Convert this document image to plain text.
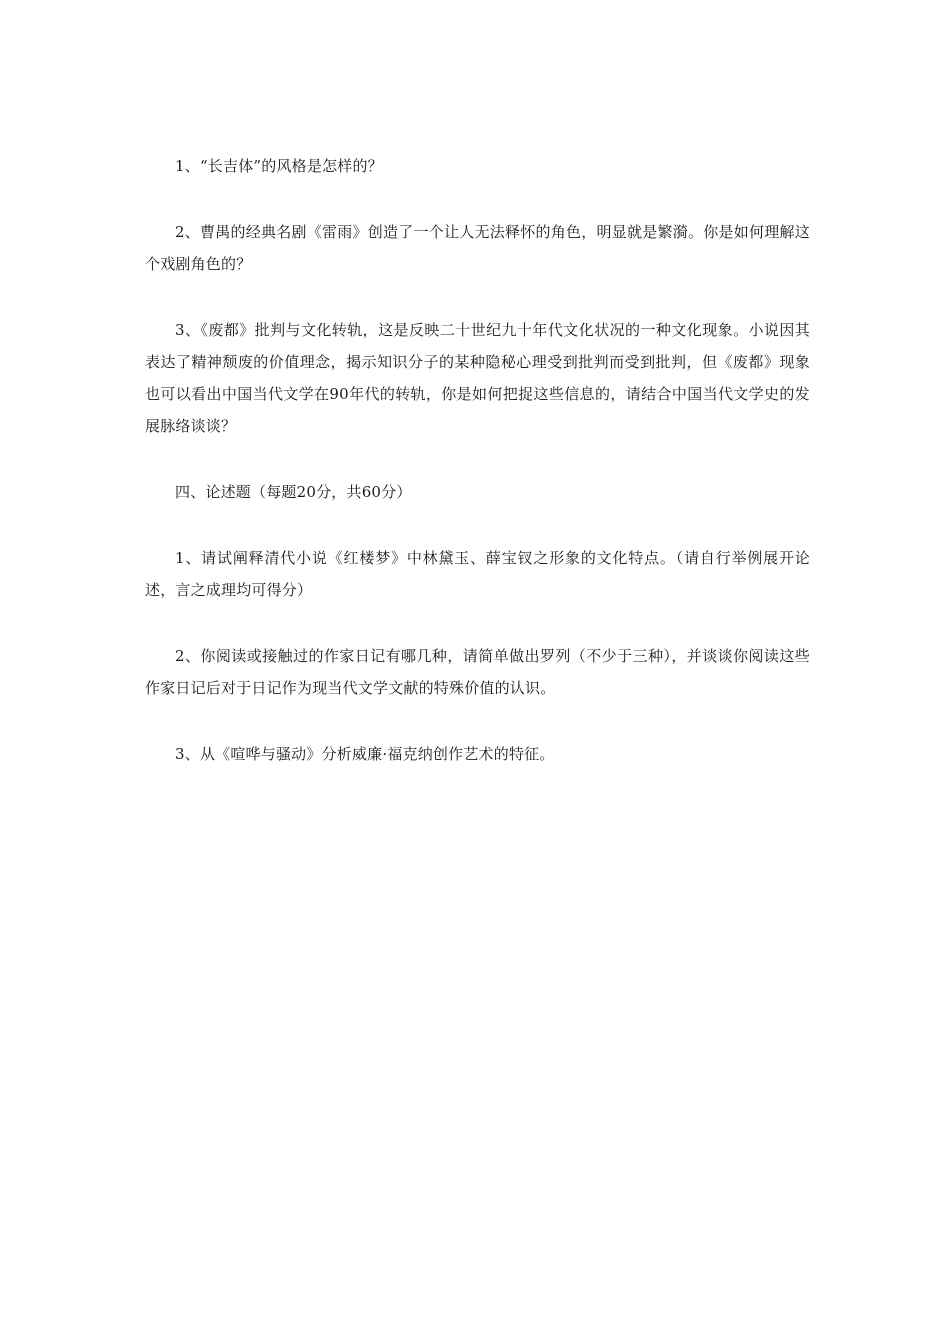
1、“长吉体”的风格是怎样的？

2、曹禺的经典名剧《雷雨》创造了一个让人无法释怀的角色，明显就是繁漪。你是如何理解这个戏剧角色的？

3、《废都》批判与文化转轨，这是反映二十世纪九十年代文化状况的一种文化现象。小说因其表达了精神颓废的价值理念，揭示知识分子的某种隐秘心理受到批判而受到批判，但《废都》现象也可以看出中国当代文学在90年代的转轨，你是如何把捉这些信息的，请结合中国当代文学史的发展脉络谈谈？

四、论述题（每题20分，共60分）

1、请试阐释清代小说《红楼梦》中林黛玉、薛宝钗之形象的文化特点。（请自行举例展开论述，言之成理均可得分）

2、你阅读或接触过的作家日记有哪几种，请简单做出罗列（不少于三种），并谈谈你阅读这些作家日记后对于日记作为现当代文学文献的特殊价值的认识。

3、从《喧哗与骚动》分析威廉·福克纳创作艺术的特征。
